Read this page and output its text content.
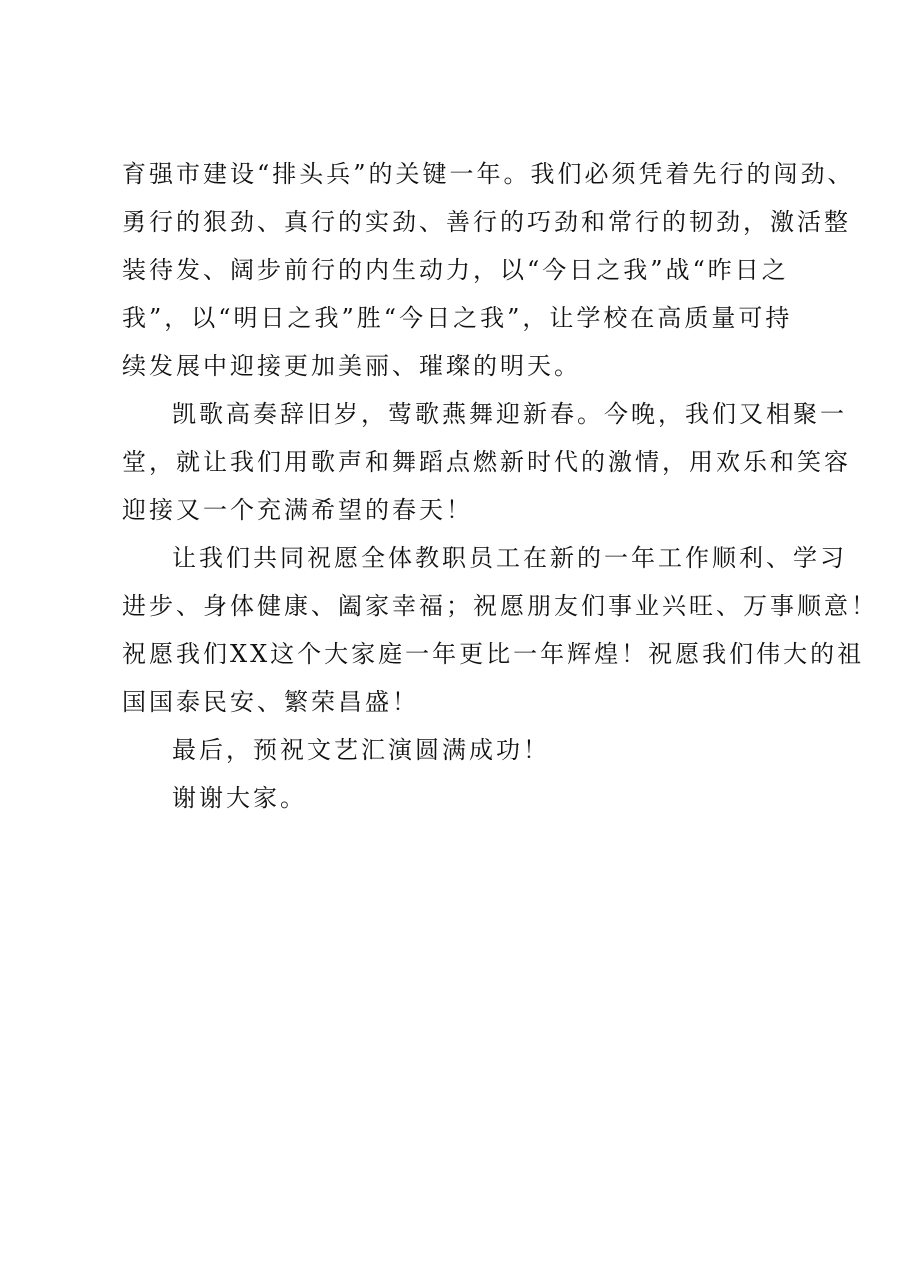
育强市建设“排头兵”的关键一年。我们必须凭着先行的闯劲、
勇行的狠劲、真行的实劲、善行的巧劲和常行的韧劲，激活整
装待发、阔步前行的内生动力，以“今日之我”战“昨日之
我”，以“明日之我”胜“今日之我”，让学校在高质量可持
续发展中迎接更加美丽、璀璨的明天。
凯歌高奏辞旧岁，莺歌燕舞迎新春。今晚，我们又相聚一
堂，就让我们用歌声和舞蹈点燃新时代的激情，用欢乐和笑容
迎接又一个充满希望的春天！
让我们共同祝愿全体教职员工在新的一年工作顺利、学习
进步、身体健康、阖家幸福；祝愿朋友们事业兴旺、万事顺意！
祝愿我们XX这个大家庭一年更比一年辉煌！祝愿我们伟大的祖
国国泰民安、繁荣昌盛！
最后，预祝文艺汇演圆满成功！
谢谢大家。
